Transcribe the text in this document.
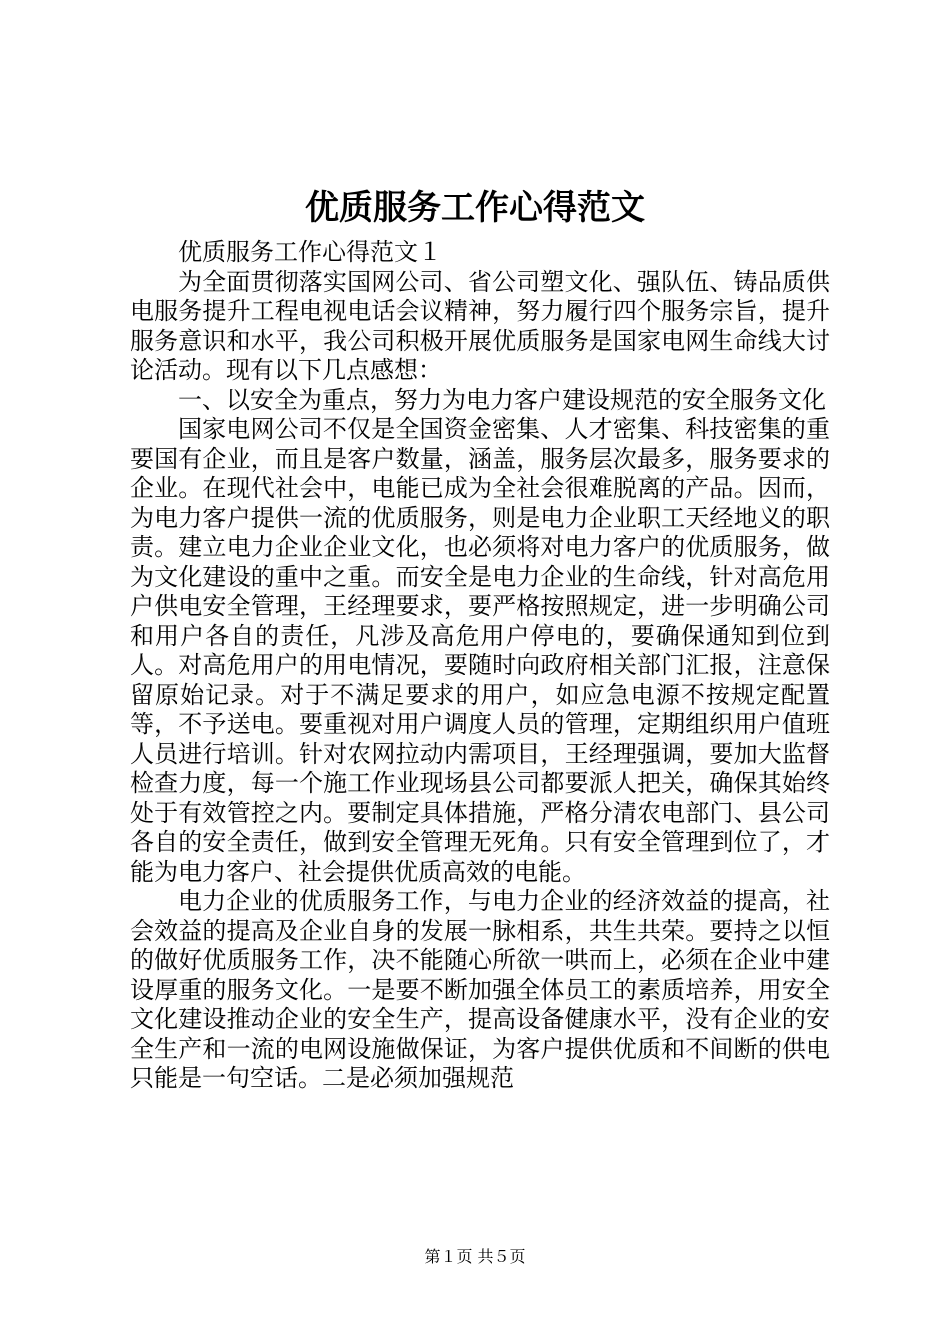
优质服务工作心得范文

优质服务工作心得范文１

为全面贯彻落实国网公司、省公司塑文化、强队伍、铸品质供电服务提升工程电视电话会议精神，努力履行四个服务宗旨，提升服务意识和水平，我公司积极开展优质服务是国家电网生命线大讨论活动。现有以下几点感想：

一、以安全为重点，努力为电力客户建设规范的安全服务文化

国家电网公司不仅是全国资金密集、人才密集、科技密集的重要国有企业，而且是客户数量，涵盖，服务层次最多，服务要求的企业。在现代社会中，电能已成为全社会很难脱离的产品。因而，为电力客户提供一流的优质服务，则是电力企业职工天经地义的职责。建立电力企业企业文化，也必须将对电力客户的优质服务，做为文化建设的重中之重。而安全是电力企业的生命线，针对高危用户供电安全管理，王经理要求，要严格按照规定，进一步明确公司和用户各自的责任，凡涉及高危用户停电的，要确保通知到位到人。对高危用户的用电情况，要随时向政府相关部门汇报，注意保留原始记录。对于不满足要求的用户，如应急电源不按规定配置等，不予送电。要重视对用户调度人员的管理，定期组织用户值班人员进行培训。针对农网拉动内需项目，王经理强调，要加大监督检查力度，每一个施工作业现场县公司都要派人把关，确保其始终处于有效管控之内。要制定具体措施，严格分清农电部门、县公司各自的安全责任，做到安全管理无死角。只有安全管理到位了，才能为电力客户、社会提供优质高效的电能。

电力企业的优质服务工作，与电力企业的经济效益的提高，社会效益的提高及企业自身的发展一脉相系，共生共荣。要持之以恒的做好优质服务工作，决不能随心所欲一哄而上，必须在企业中建设厚重的服务文化。一是要不断加强全体员工的素质培养，用安全文化建设推动企业的安全生产，提高设备健康水平，没有企业的安全生产和一流的电网设施做保证，为客户提供优质和不间断的供电只能是一句空话。二是必须加强规范

第１页 共５页
